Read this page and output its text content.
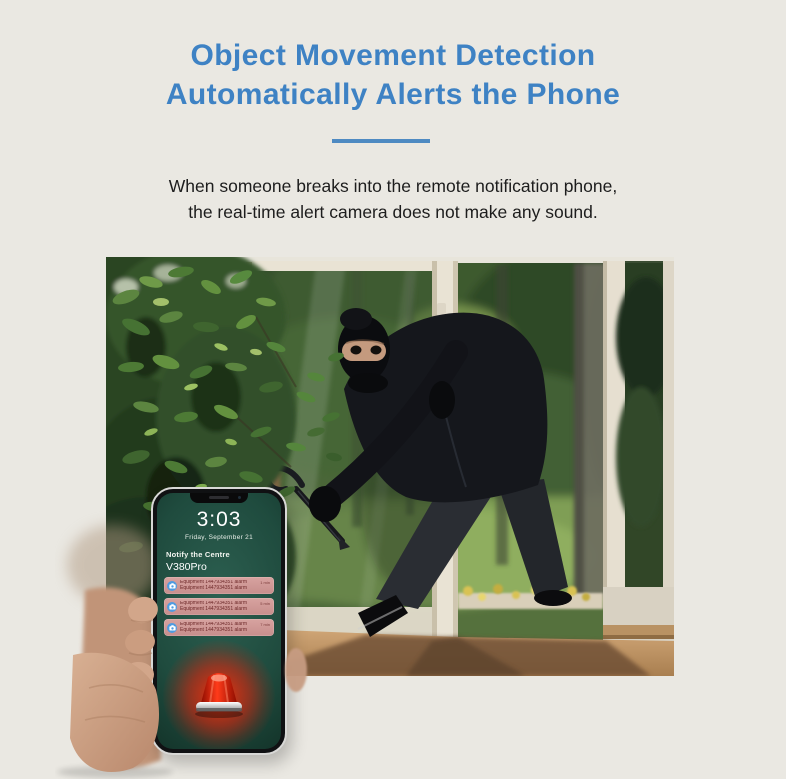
Object Movement Detection
Automatically Alerts the Phone
When someone breaks into the remote notification phone,
the real-time alert camera does not make any sound.
3:03
Friday, September 21
Notify the Centre
V380Pro
Equipment 1447934351 alarm
Equipment 1447934351 alarm
1 min
Equipment 1447934351 alarm
Equipment 1447934351 alarm
5 min
Equipment 1447934351 alarm
Equipment 1447934351 alarm
7 min
